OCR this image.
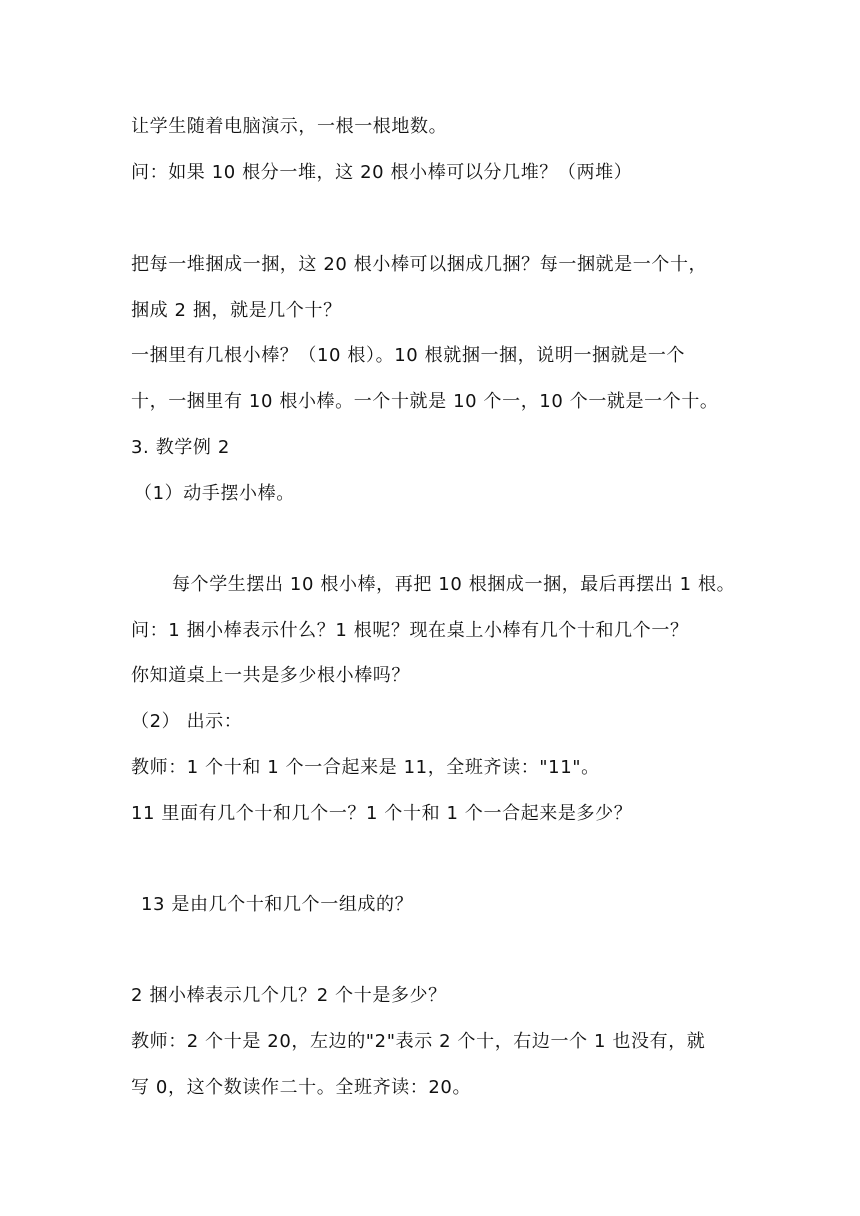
让学生随着电脑演示，一根一根地数。
问：如果 10 根分一堆，这 20 根小棒可以分几堆？（两堆）
把每一堆捆成一捆，这 20 根小棒可以捆成几捆？每一捆就是一个十，
捆成 2 捆，就是几个十？
一捆里有几根小棒？（10 根）。10 根就捆一捆，说明一捆就是一个
十，一捆里有 10 根小棒。一个十就是 10 个一，10 个一就是一个十。
3. 教学例 2
（1）动手摆小棒。
每个学生摆出 10 根小棒，再把 10 根捆成一捆，最后再摆出 1 根。
问：1 捆小棒表示什么？1 根呢？现在桌上小棒有几个十和几个一？
你知道桌上一共是多少根小棒吗？
（2） 出示：
教师：1 个十和 1 个一合起来是 11，全班齐读："11"。
11 里面有几个十和几个一？1 个十和 1 个一合起来是多少？
13 是由几个十和几个一组成的？
2 捆小棒表示几个几？2 个十是多少？
教师：2 个十是 20，左边的"2"表示 2 个十，右边一个 1 也没有，就
写 0，这个数读作二十。全班齐读：20。
